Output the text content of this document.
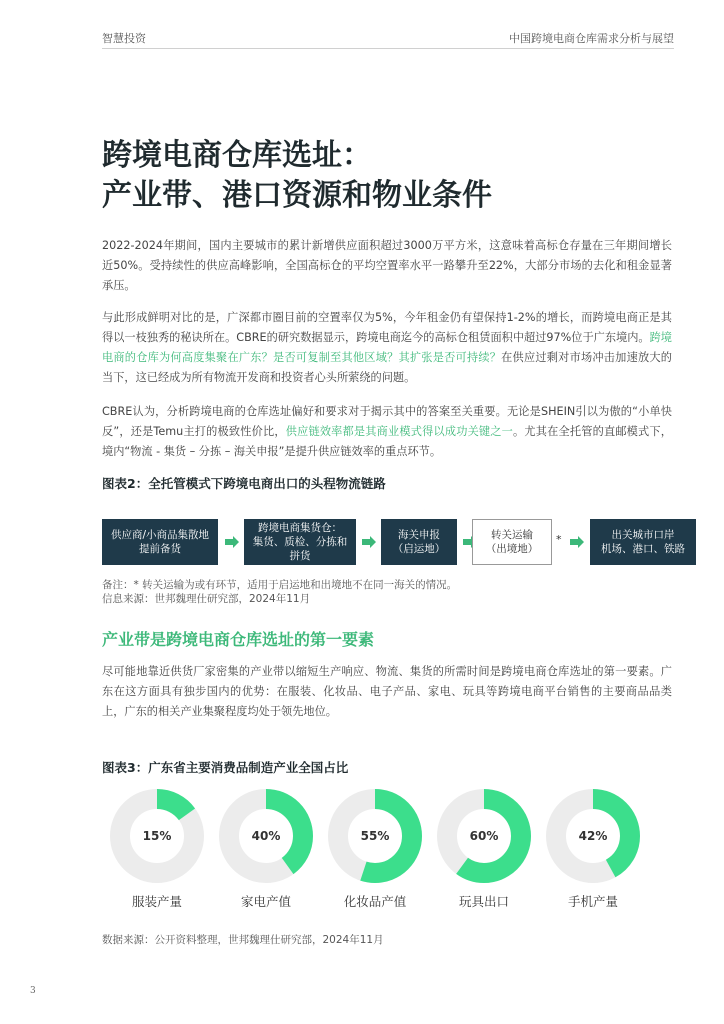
智慧投资	中国跨境电商仓库需求分析与展望
跨境电商仓库选址：
产业带、港口资源和物业条件

2022-2024年期间，国内主要城市的累计新增供应面积超过3000万平方米，这意味着高标仓存量在三年期间增长近50%。受持续性的供应高峰影响，全国高标仓的平均空置率水平一路攀升至22%，大部分市场的去化和租金显著承压。

与此形成鲜明对比的是，广深都市圈目前的空置率仅为5%，今年租金仍有望保持1-2%的增长，而跨境电商正是其得以一枝独秀的秘诀所在。CBRE的研究数据显示，跨境电商迄今的高标仓租赁面积中超过97%位于广东境内。跨境电商的仓库为何高度集聚在广东？是否可复制至其他区域？其扩张是否可持续？在供应过剩对市场冲击加速放大的当下，这已经成为所有物流开发商和投资者心头所萦绕的问题。

CBRE认为，分析跨境电商的仓库选址偏好和要求对于揭示其中的答案至关重要。无论是SHEIN引以为傲的“小单快反”，还是Temu主打的极致性价比，供应链效率都是其商业模式得以成功关键之一。尤其在全托管的直邮模式下，境内“物流 - 集货 – 分拣 – 海关申报”是提升供应链效率的重点环节。

图表2：全托管模式下跨境电商出口的头程物流链路

供应商/小商品集散地
提前备货
跨境电商集货仓：
集货、质检、分拣和
拼货
海关申报
（启运地）
转关运输
（出境地）
*	出关城市口岸
机场、港口、铁路

备注：* 转关运输为或有环节，适用于启运地和出境地不在同一海关的情况。

信息来源：世邦魏理仕研究部，2024年11月

产业带是跨境电商仓库选址的第一要素

尽可能地靠近供货厂家密集的产业带以缩短生产响应、物流、集货的所需时间是跨境电商仓库选址的第一要素。广东在这方面具有独步国内的优势：在服装、化妆品、电子产品、家电、玩具等跨境电商平台销售的主要商品品类上，广东的相关产业集聚程度均处于领先地位。

图表3：广东省主要消费品制造产业全国占比

15%
服装产量
40%
家电产值
55%
化妆品产值
60%
玩具出口
42%
手机产量

数据来源：公开资料整理，世邦魏理仕研究部，2024年11月

3
